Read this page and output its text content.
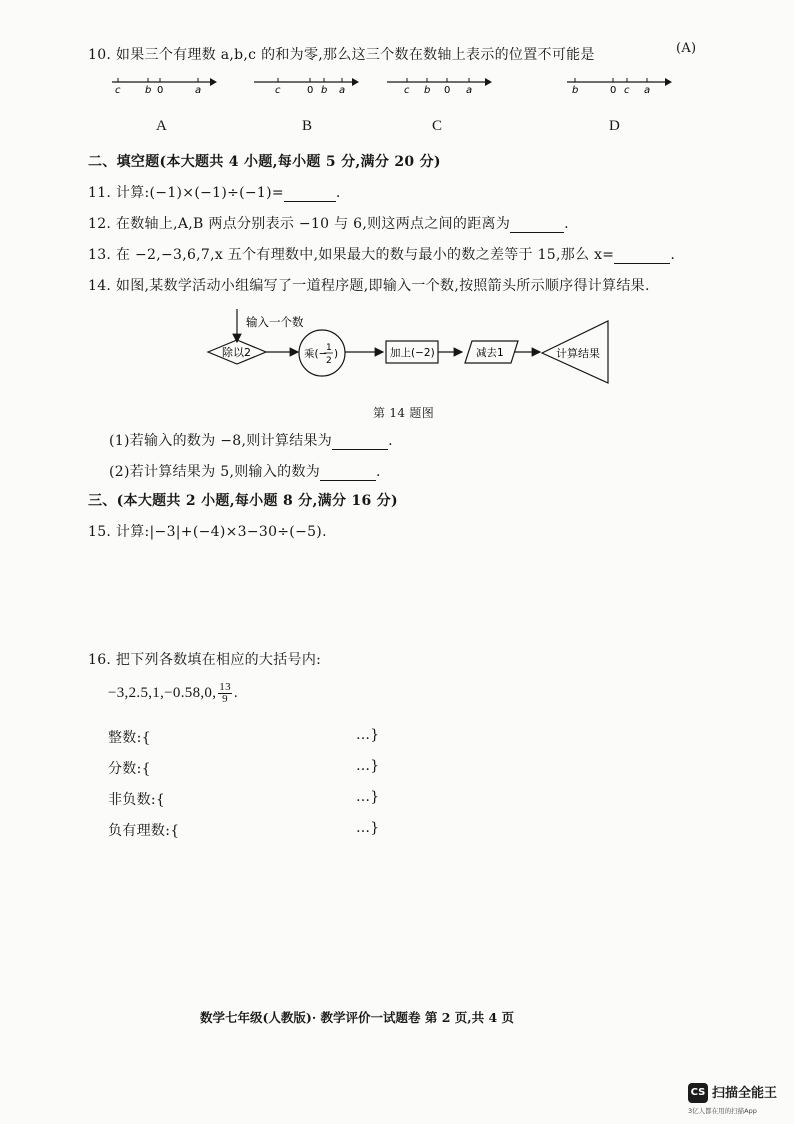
10. 如果三个有理数 a,b,c 的和为零,那么这三个数在数轴上表示的位置不可能是	(A)
c b 0	a	c	0 b a	c b 0 a	b	0 c a
A	B	C	D
二、填空题(本大题共 4 小题,每小题 5 分,满分 20 分)
11. 计算:(−1)×(−1)÷(−1)=	.
12. 在数轴上,A,B 两点分别表示 −10 与 6,则这两点之间的距离为	.
13. 在 −2,−3,6,7,x 五个有理数中,如果最大的数与最小的数之差等于 15,那么 x=	.
14. 如图,某数学活动小组编写了一道程序题,即输入一个数,按照箭头所示顺序得计算结果.
输入一个数
除以2	乘(−
1
2
)	加上(−2)	减去1	计算结果
第 14 题图
(1)若输入的数为 −8,则计算结果为	.
(2)若计算结果为 5,则输入的数为	.
三、(本大题共 2 小题,每小题 8 分,满分 16 分)
15. 计算:|−3|+(−4)×3−30÷(−5).
16. 把下列各数填在相应的大括号内:
−3,2.5,1,−0.58,0, $\frac{13}{9}$ .
整数:{	…}
分数:{	…}
非负数:{	…}
负有理数:{	…}
数学七年级(人教版)· 教学评价一试题卷 第 2 页,共 4 页
CS 扫描全能王
3亿人都在用的扫描App
